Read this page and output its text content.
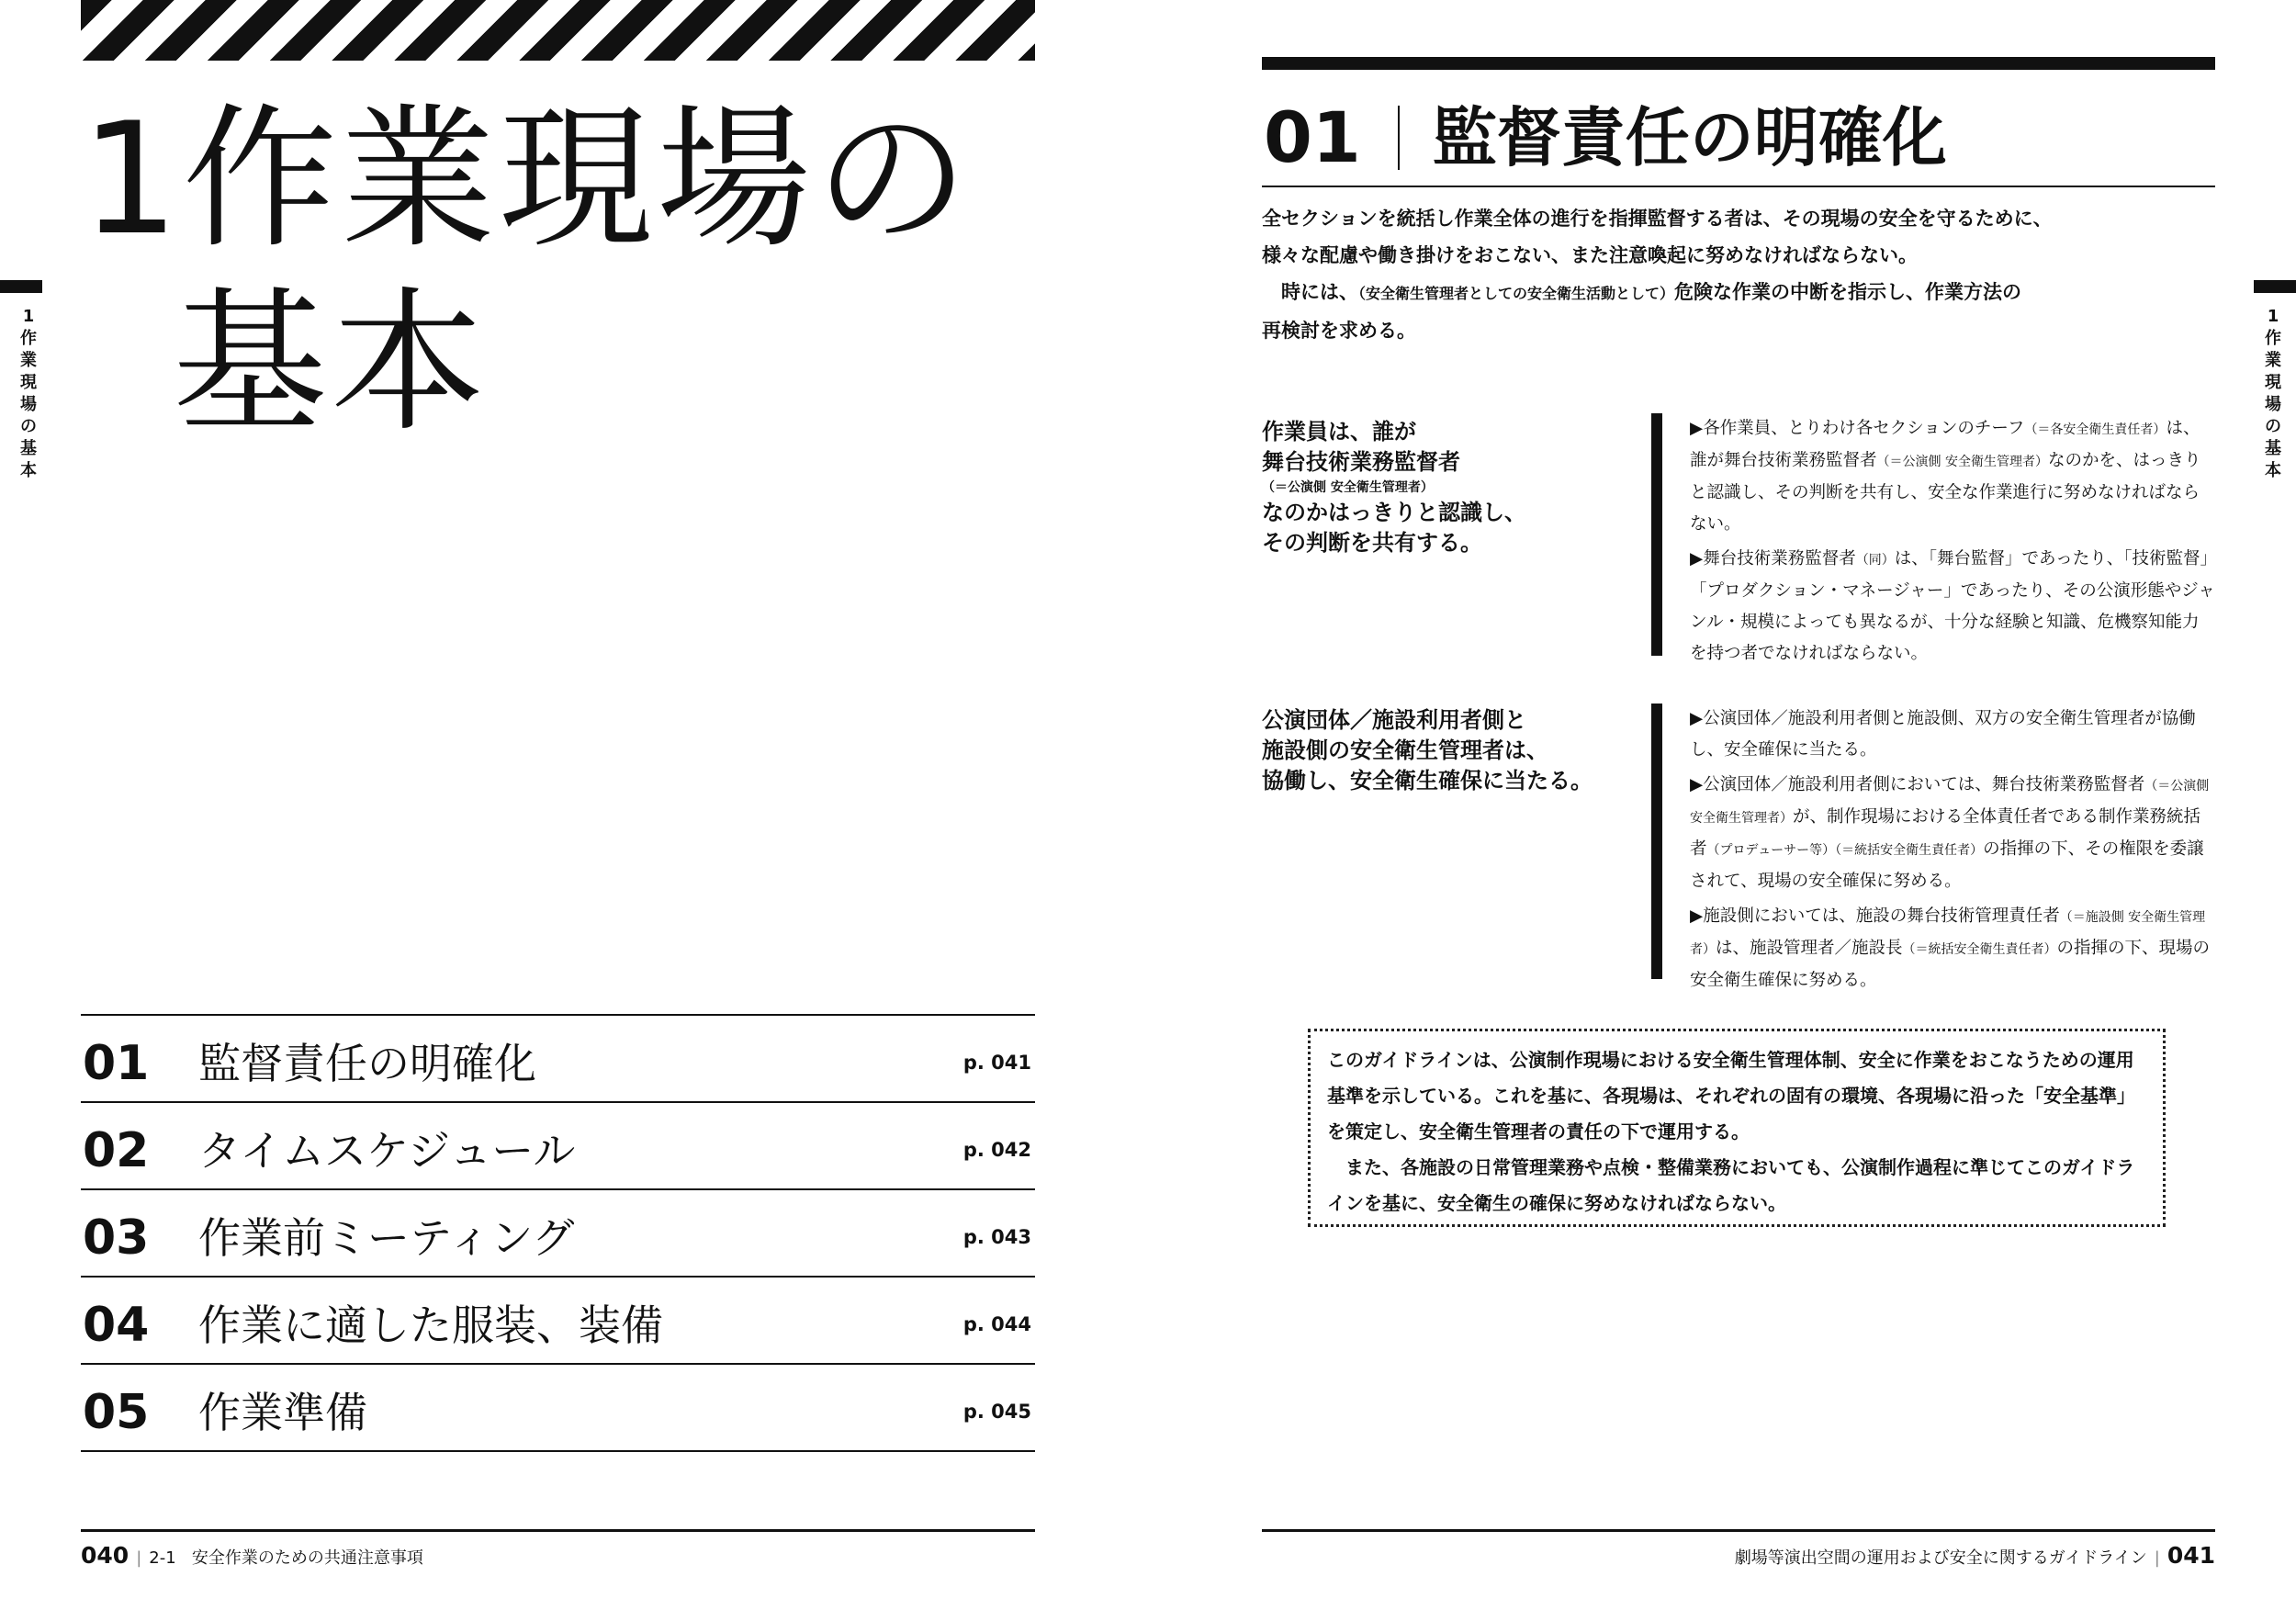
1作業現場の
基本
1 作業現場の基本
01 監督責任の明確化	p. 041
02 タイムスケジュール	p. 042
03 作業前ミーティング	p. 043
04 作業に適した服装、装備	p. 044
05 作業準備	p. 045
040 | 2-1 安全作業のための共通注意事項
01 監督責任の明確化

全セクションを統括し作業全体の進行を指揮監督する者は、その現場の安全を守るために、

様々な配慮や働き掛けをおこない、また注意喚起に努めなければならない。

　時には、（安全衛生管理者としての安全衛生活動として）危険な作業の中断を指示し、作業方法の

再検討を求める。

1 作業現場の基本
作業員は、誰が
舞台技術業務監督者
（＝公演側 安全衛生管理者）
なのかはっきりと認識し、
その判断を共有する。

▶各作業員、とりわけ各セクションのチーフ（＝各安全衛生責任者）は、誰が舞台技術業務監督者（＝公演側 安全衛生管理者）なのかを、はっきりと認識し、その判断を共有し、安全な作業進行に努めなければならない。

▶舞台技術業務監督者（同）は、「舞台監督」であったり、「技術監督」「プロダクション・マネージャー」であったり、その公演形態やジャンル・規模によっても異なるが、十分な経験と知識、危機察知能力を持つ者でなければならない。

公演団体／施設利用者側と
施設側の安全衛生管理者は、
協働し、安全衛生確保に当たる。

▶公演団体／施設利用者側と施設側、双方の安全衛生管理者が協働し、安全確保に当たる。

▶公演団体／施設利用者側においては、舞台技術業務監督者（＝公演側 安全衛生管理者）が、制作現場における全体責任者である制作業務統括者（プロデューサー等）（＝統括安全衛生責任者）の指揮の下、その権限を委譲されて、現場の安全確保に努める。

▶施設側においては、施設の舞台技術管理責任者（＝施設側 安全衛生管理者）は、施設管理者／施設長（＝統括安全衛生責任者）の指揮の下、現場の安全衛生確保に努める。

このガイドラインは、公演制作現場における安全衛生管理体制、安全に作業をおこなうための運用基準を示している。これを基に、各現場は、それぞれの固有の環境、各現場に沿った「安全基準」を策定し、安全衛生管理者の責任の下で運用する。

　また、各施設の日常管理業務や点検・整備業務においても、公演制作過程に準じてこのガイドラインを基に、安全衛生の確保に努めなければならない。

劇場等演出空間の運用および安全に関するガイドライン | 041
